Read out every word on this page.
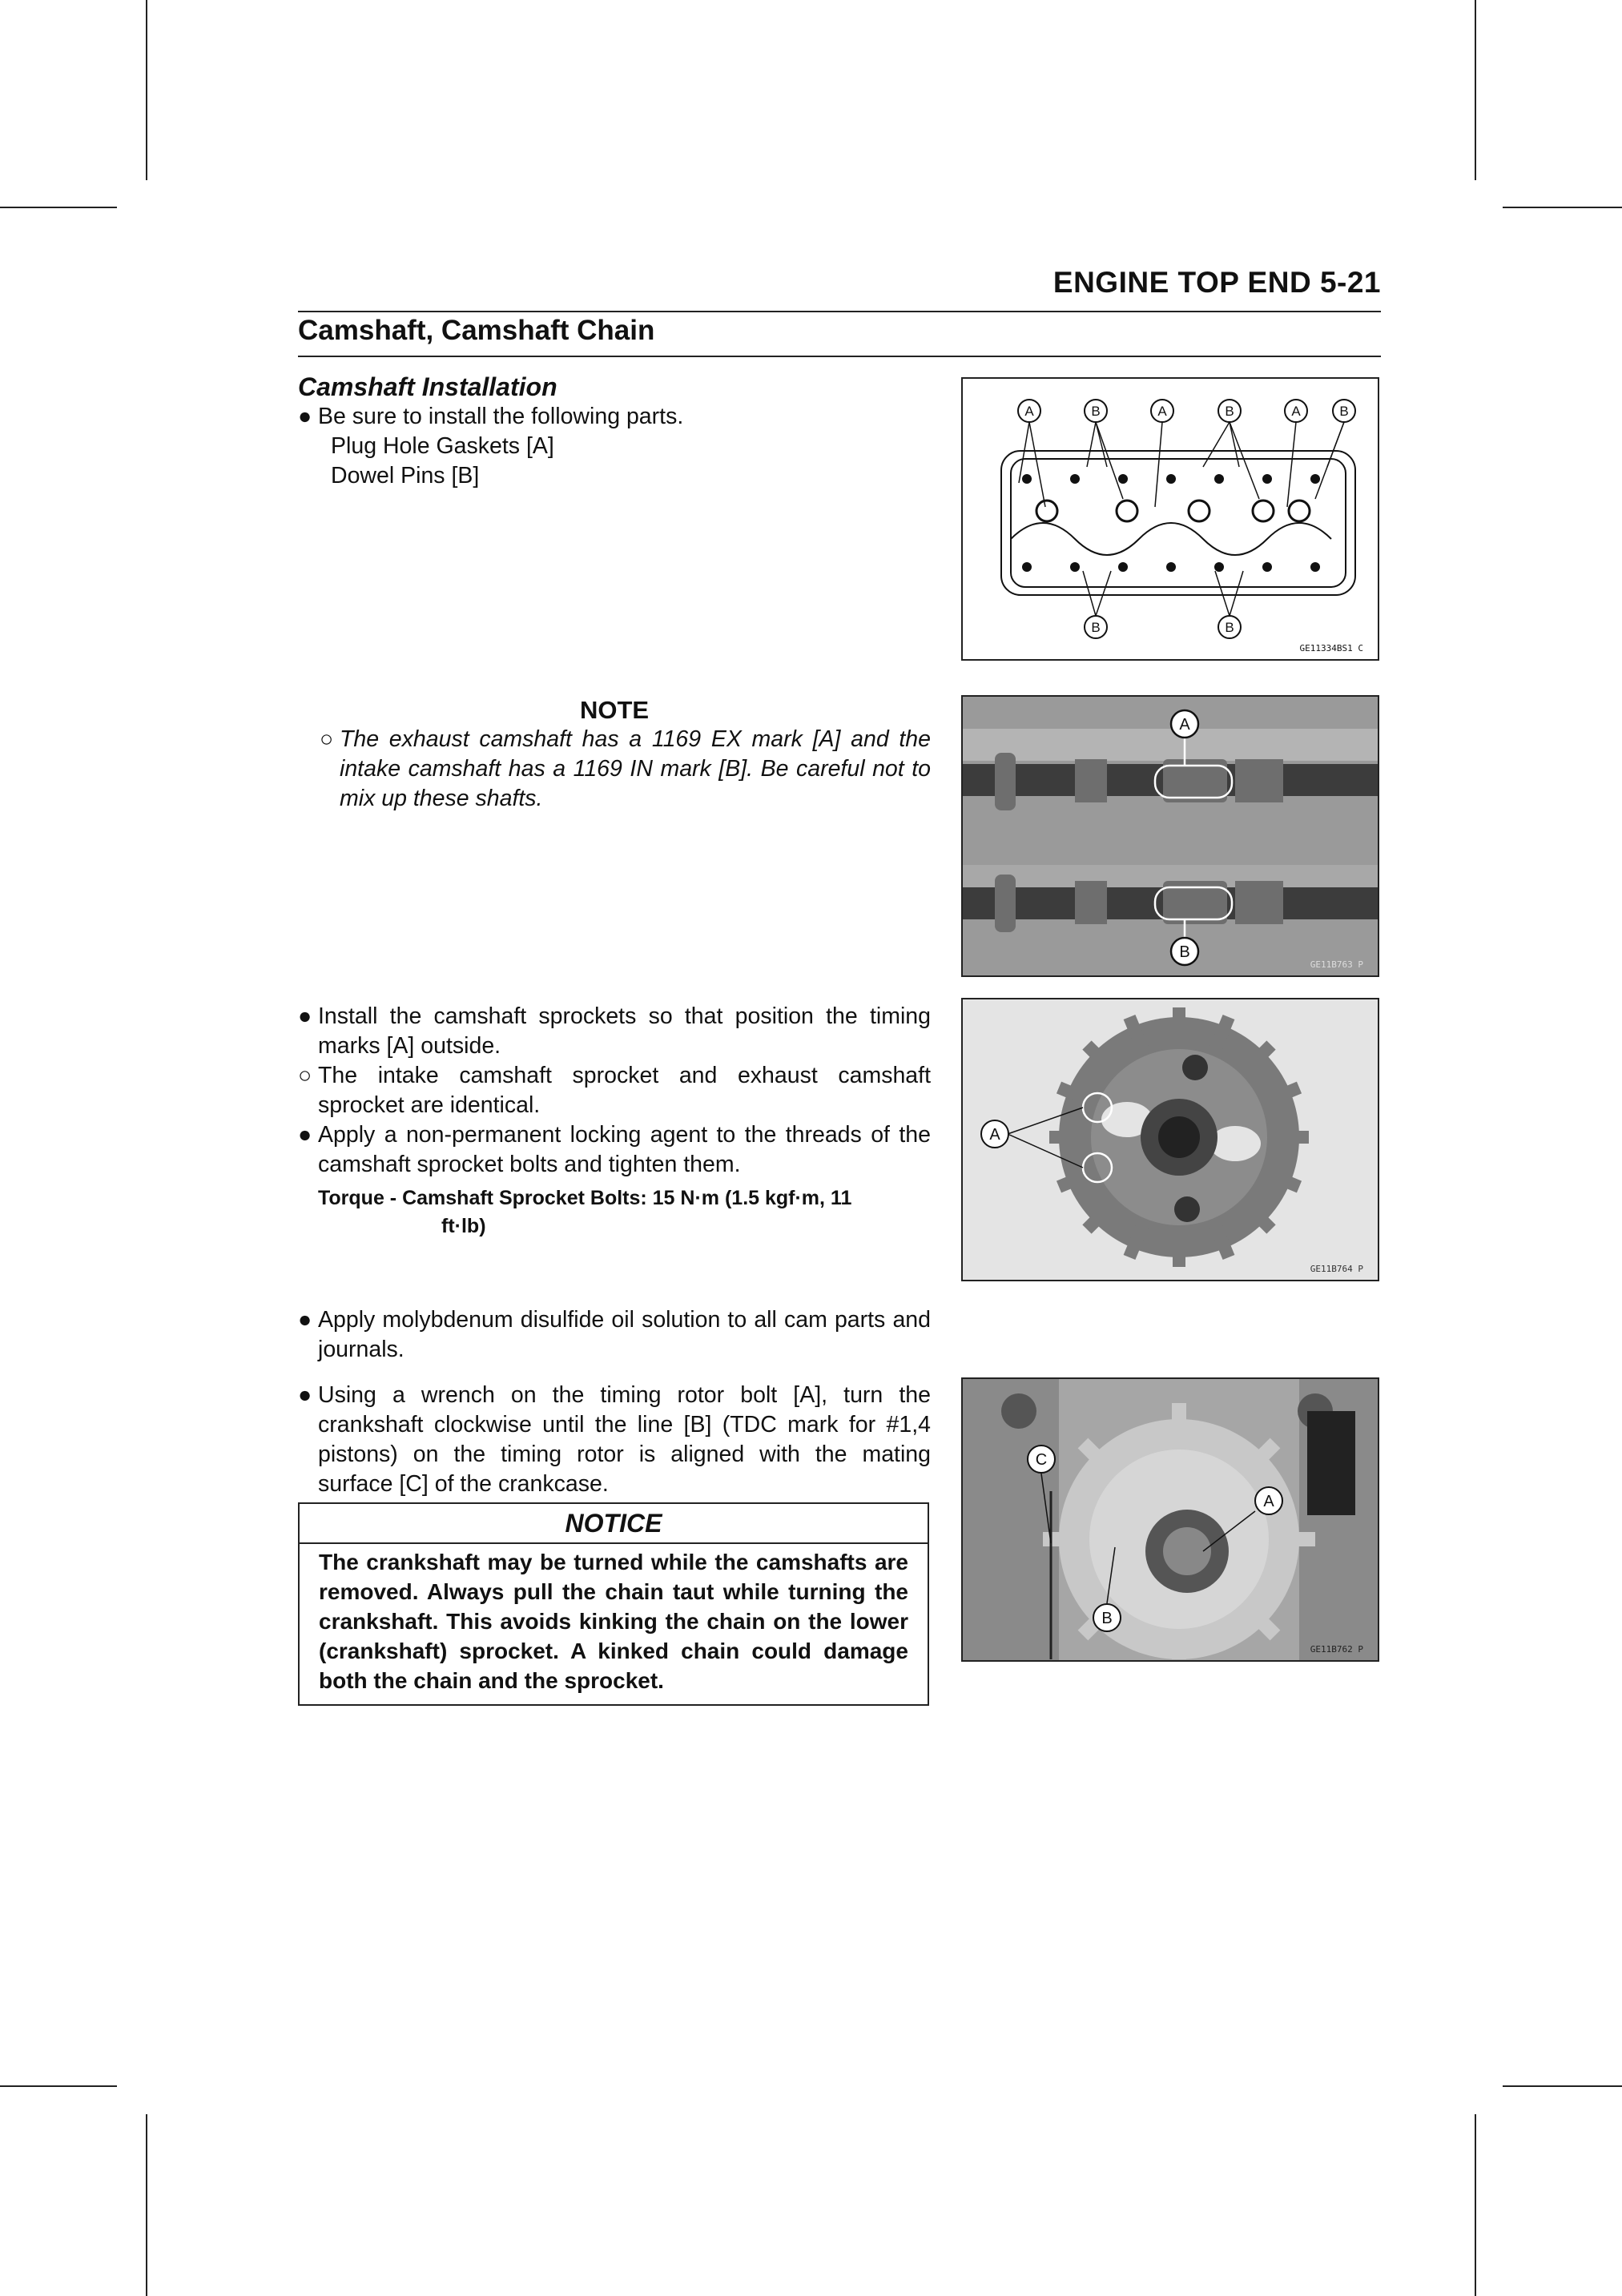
ENGINE TOP END 5-21
Camshaft, Camshaft Chain
Camshaft Installation
● Be sure to install the following parts.
Plug Hole Gaskets [A]
Dowel Pins [B]
NOTE
○ The exhaust camshaft has a 1169 EX mark [A] and the intake camshaft has a 1169 IN mark [B]. Be careful not to mix up these shafts.
● Install the camshaft sprockets so that position the timing marks [A] outside.
○ The intake camshaft sprocket and exhaust camshaft sprocket are identical.
● Apply a non-permanent locking agent to the threads of the camshaft sprocket bolts and tighten them.
Torque - Camshaft Sprocket Bolts: 15 N·m (1.5 kgf·m, 11
ft·lb)
● Apply molybdenum disulfide oil solution to all cam parts and journals.
● Using a wrench on the timing rotor bolt [A], turn the crankshaft clockwise until the line [B] (TDC mark for #1,4 pistons) on the timing rotor is aligned with the mating surface [C] of the crankcase.
NOTICE
The crankshaft may be turned while the camshafts are removed. Always pull the chain taut while turning the crankshaft. This avoids kinking the chain on the lower (crankshaft) sprocket. A kinked chain could damage both the chain and the sprocket.
A	B	A	B	A	B
B	B
GE11334BS1 C
A
B
GE11B763 P
A
GE11B764 P
C
A
B
GE11B762 P
